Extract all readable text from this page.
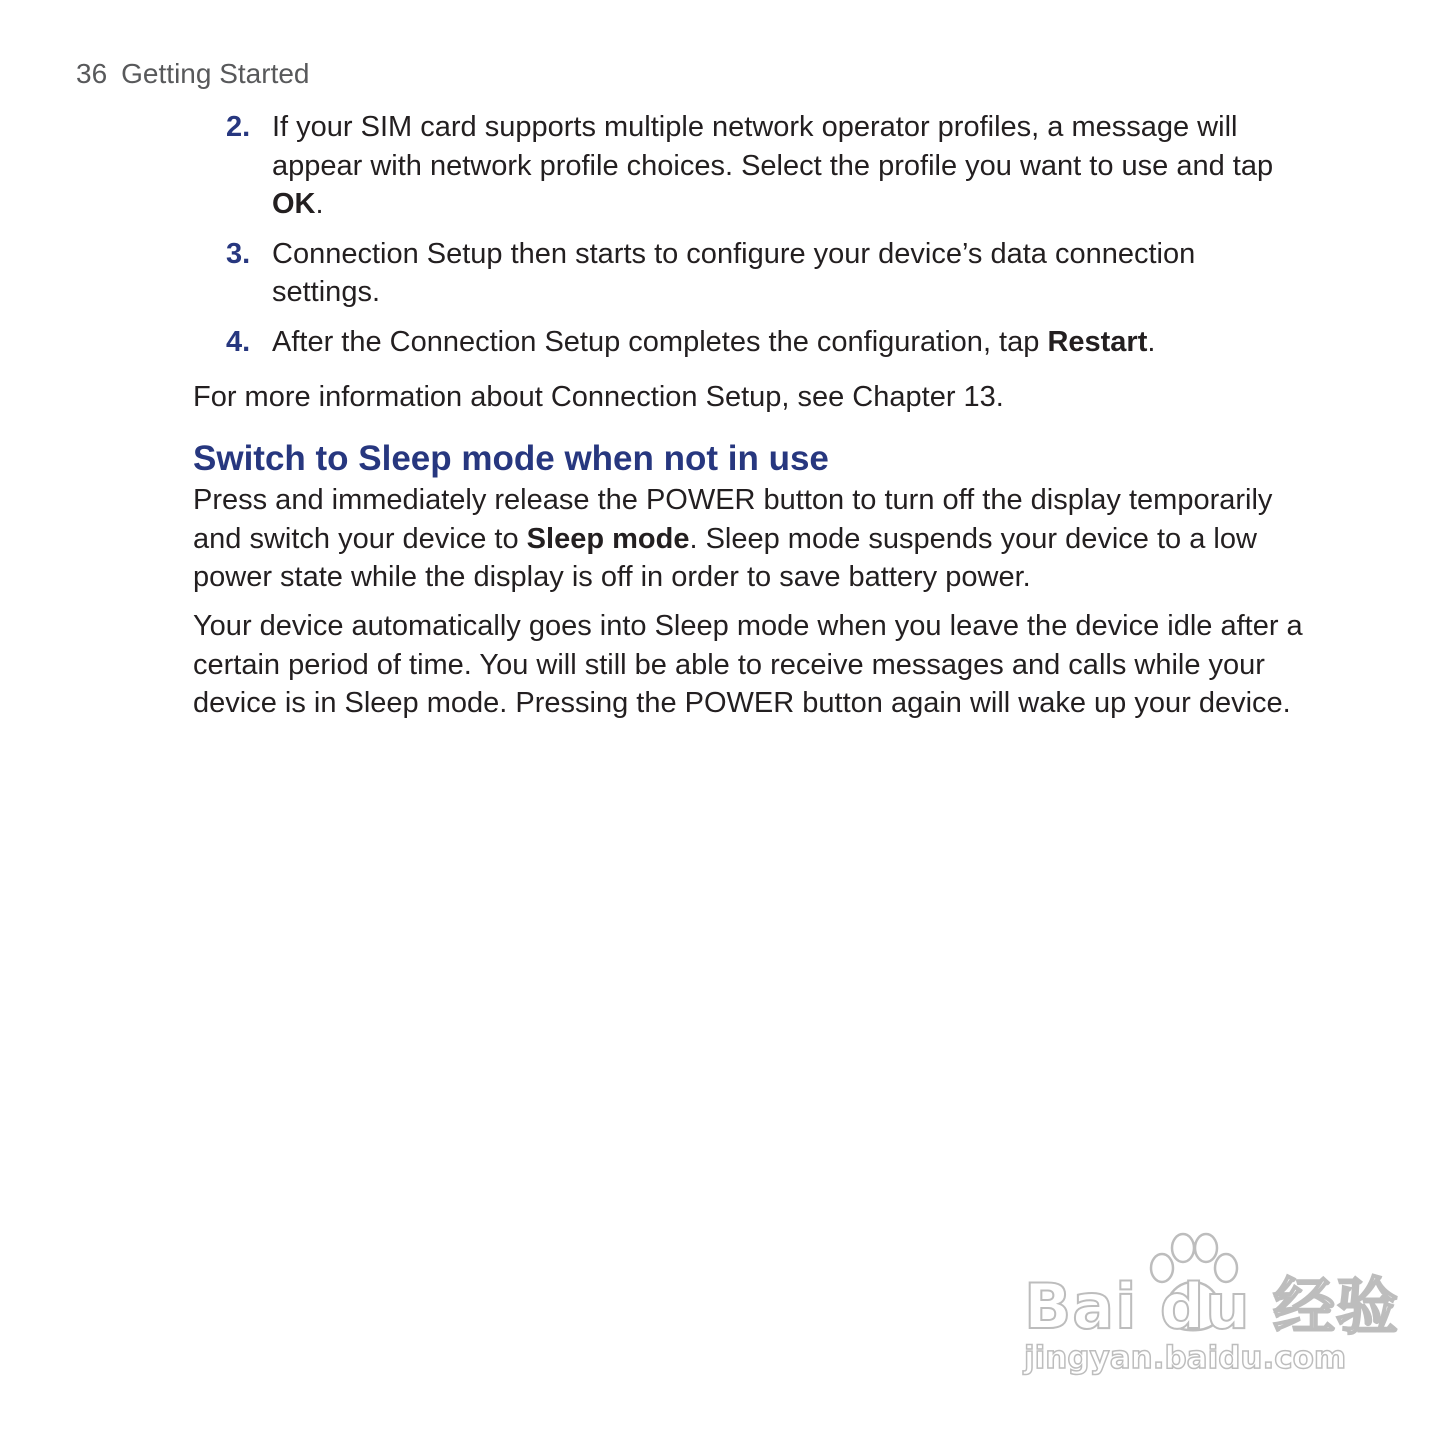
36 Getting Started
2. If your SIM card supports multiple network operator profiles, a message will appear with network profile choices. Select the profile you want to use and tap OK.
3. Connection Setup then starts to configure your device’s data connection settings.
4. After the Connection Setup completes the configuration, tap Restart.

For more information about Connection Setup, see Chapter 13.

Switch to Sleep mode when not in use

Press and immediately release the POWER button to turn off the display temporarily and switch your device to Sleep mode. Sleep mode suspends your device to a low power state while the display is off in order to save battery power.

Your device automatically goes into Sleep mode when you leave the device idle after a certain period of time. You will still be able to receive messages and calls while your device is in Sleep mode. Pressing the POWER button again will wake up your device.

Bai du 经验
jingyan.baidu.com
